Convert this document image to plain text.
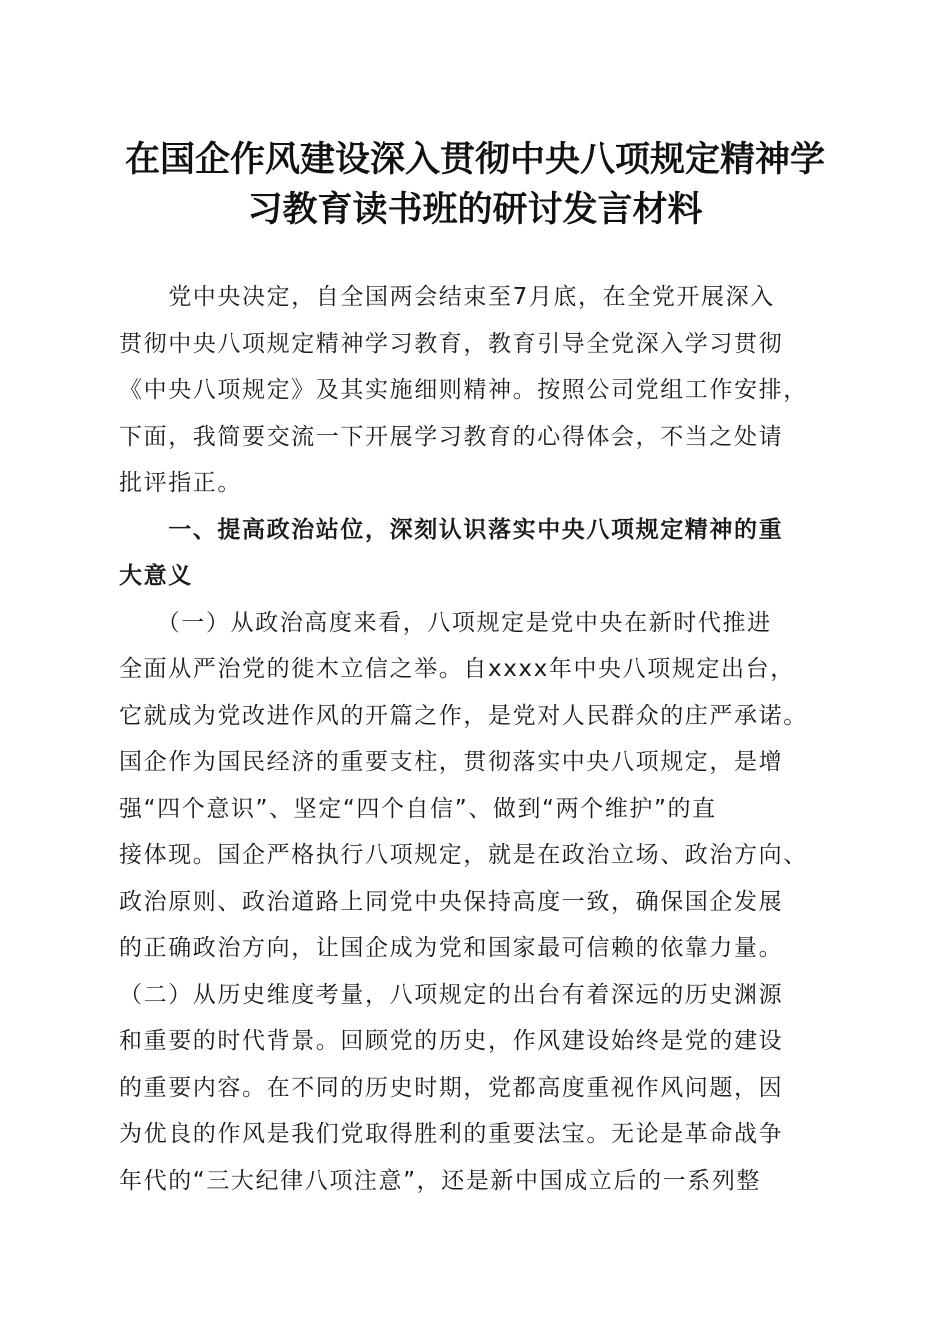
在国企作风建设深入贯彻中央八项规定精神学
习教育读书班的研讨发言材料

　　党中央决定，自全国两会结束至7月底，在全党开展深入
贯彻中央八项规定精神学习教育，教育引导全党深入学习贯彻
《中央八项规定》及其实施细则精神。按照公司党组工作安排，
下面，我简要交流一下开展学习教育的心得体会，不当之处请
批评指正。

　　一、提高政治站位，深刻认识落实中央八项规定精神的重
大意义

　　（一）从政治高度来看，八项规定是党中央在新时代推进
全面从严治党的徙木立信之举。自xxxx年中央八项规定出台，
它就成为党改进作风的开篇之作，是党对人民群众的庄严承诺。
国企作为国民经济的重要支柱，贯彻落实中央八项规定，是增
强“四个意识”、坚定“四个自信”、做到“两个维护”的直
接体现。国企严格执行八项规定，就是在政治立场、政治方向、
政治原则、政治道路上同党中央保持高度一致，确保国企发展
的正确政治方向，让国企成为党和国家最可信赖的依靠力量。

（二）从历史维度考量，八项规定的出台有着深远的历史渊源
和重要的时代背景。回顾党的历史，作风建设始终是党的建设
的重要内容。在不同的历史时期，党都高度重视作风问题，因
为优良的作风是我们党取得胜利的重要法宝。无论是革命战争
年代的“三大纪律八项注意”，还是新中国成立后的一系列整
